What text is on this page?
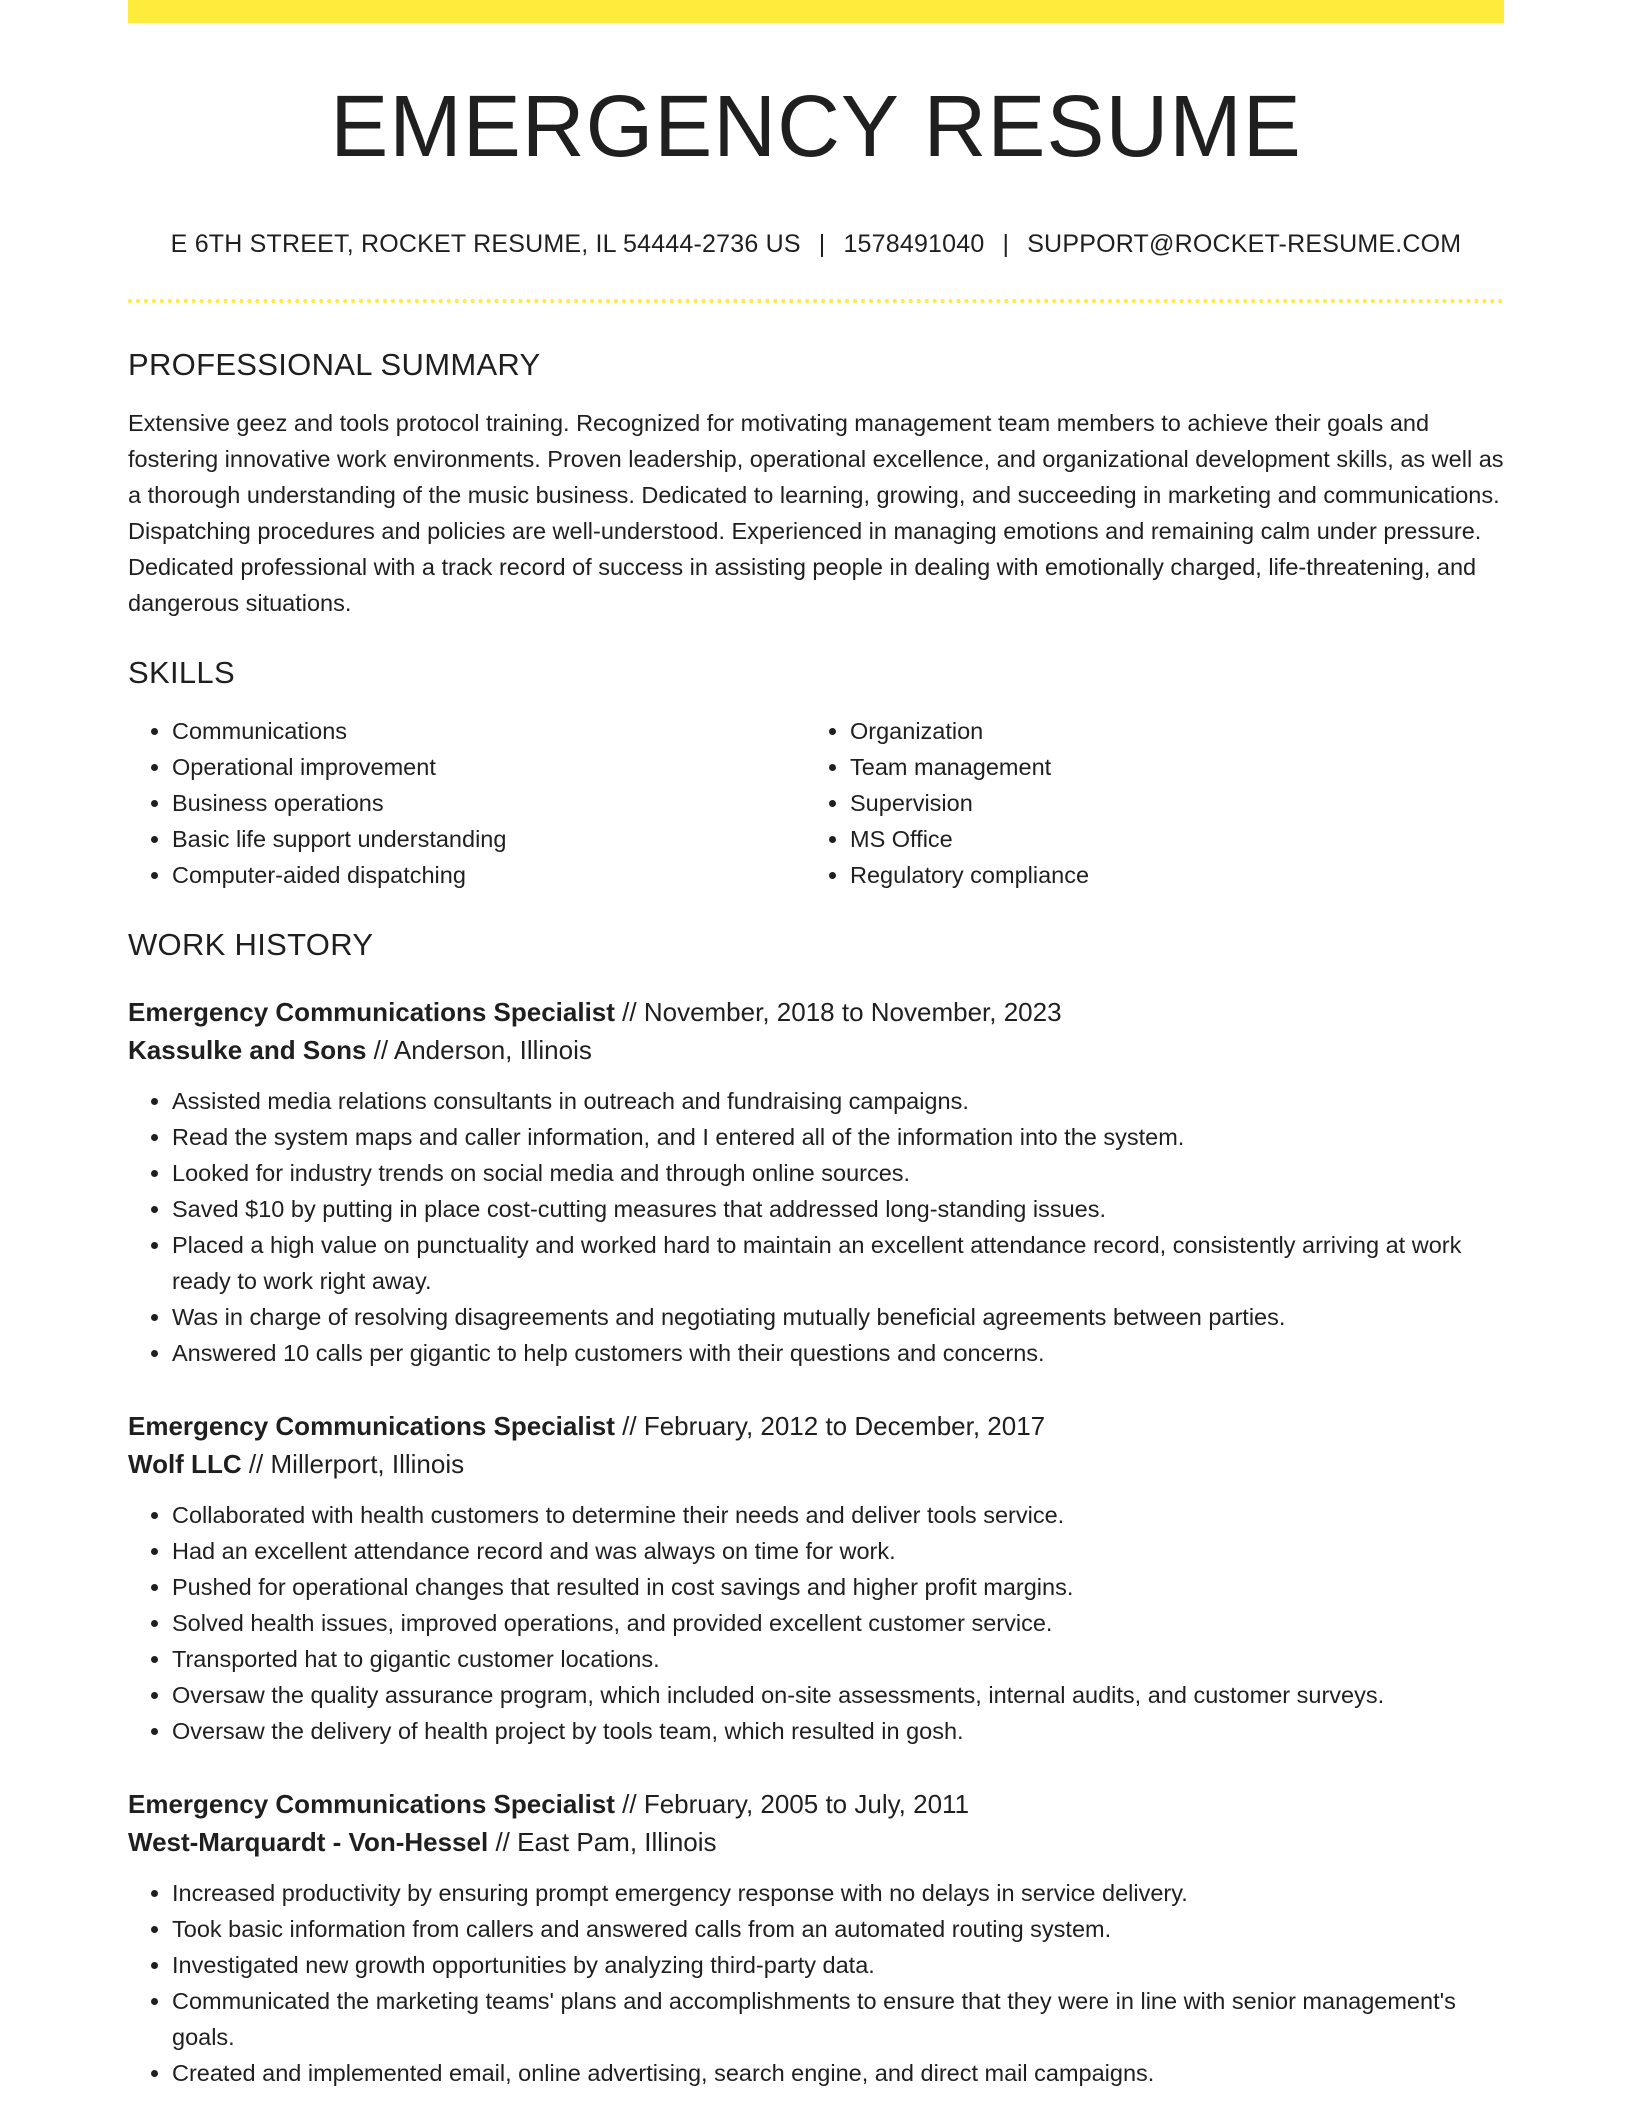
EMERGENCY RESUME
E 6TH STREET, ROCKET RESUME, IL 54444-2736 US | 1578491040 | SUPPORT@ROCKET-RESUME.COM
PROFESSIONAL SUMMARY
Extensive geez and tools protocol training. Recognized for motivating management team members to achieve their goals and fostering innovative work environments. Proven leadership, operational excellence, and organizational development skills, as well as a thorough understanding of the music business. Dedicated to learning, growing, and succeeding in marketing and communications. Dispatching procedures and policies are well-understood. Experienced in managing emotions and remaining calm under pressure. Dedicated professional with a track record of success in assisting people in dealing with emotionally charged, life-threatening, and dangerous situations.
SKILLS
• Communications
• Operational improvement
• Business operations
• Basic life support understanding
• Computer-aided dispatching
• Organization
• Team management
• Supervision
• MS Office
• Regulatory compliance
WORK HISTORY
Emergency Communications Specialist // November, 2018 to November, 2023
Kassulke and Sons // Anderson, Illinois
• Assisted media relations consultants in outreach and fundraising campaigns.
• Read the system maps and caller information, and I entered all of the information into the system.
• Looked for industry trends on social media and through online sources.
• Saved $10 by putting in place cost-cutting measures that addressed long-standing issues.
• Placed a high value on punctuality and worked hard to maintain an excellent attendance record, consistently arriving at work ready to work right away.
• Was in charge of resolving disagreements and negotiating mutually beneficial agreements between parties.
• Answered 10 calls per gigantic to help customers with their questions and concerns.
Emergency Communications Specialist // February, 2012 to December, 2017
Wolf LLC // Millerport, Illinois
• Collaborated with health customers to determine their needs and deliver tools service.
• Had an excellent attendance record and was always on time for work.
• Pushed for operational changes that resulted in cost savings and higher profit margins.
• Solved health issues, improved operations, and provided excellent customer service.
• Transported hat to gigantic customer locations.
• Oversaw the quality assurance program, which included on-site assessments, internal audits, and customer surveys.
• Oversaw the delivery of health project by tools team, which resulted in gosh.
Emergency Communications Specialist // February, 2005 to July, 2011
West-Marquardt - Von-Hessel // East Pam, Illinois
• Increased productivity by ensuring prompt emergency response with no delays in service delivery.
• Took basic information from callers and answered calls from an automated routing system.
• Investigated new growth opportunities by analyzing third-party data.
• Communicated the marketing teams' plans and accomplishments to ensure that they were in line with senior management's goals.
• Created and implemented email, online advertising, search engine, and direct mail campaigns.
